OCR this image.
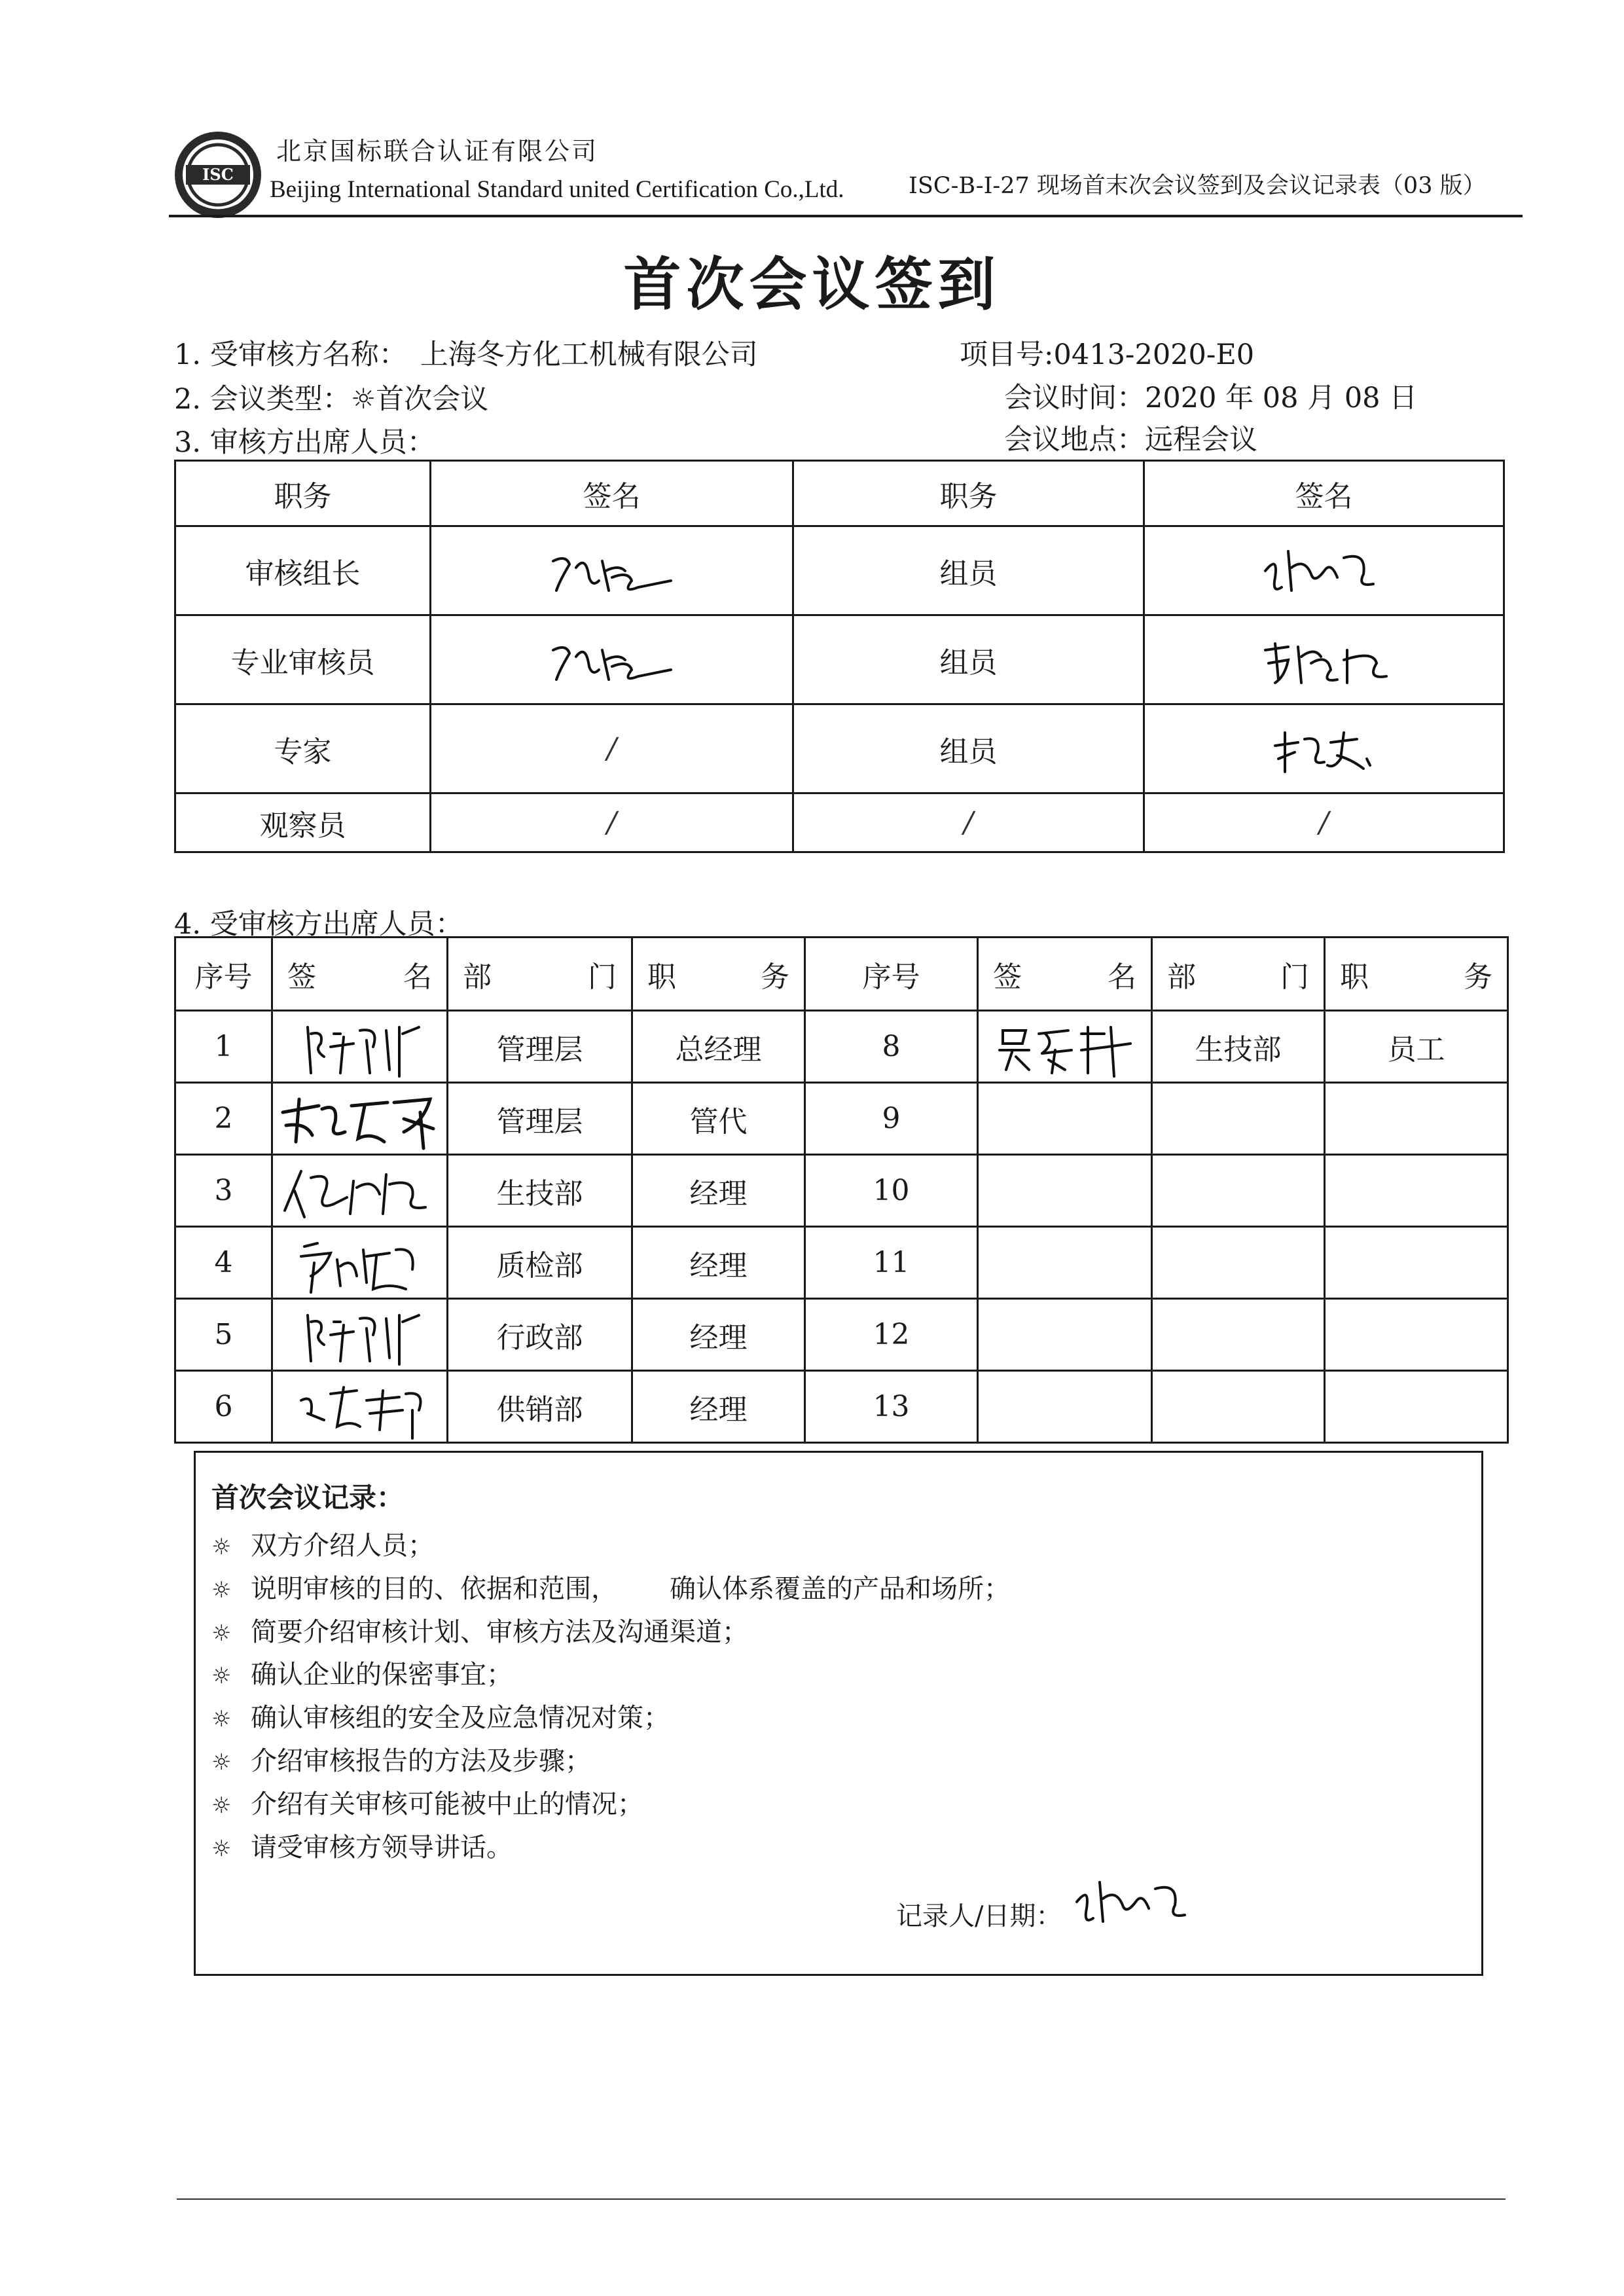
ISC
北京国标联合认证有限公司
Beijing International Standard united Certification Co.,Ltd.	ISC-B-I-27 现场首末次会议签到及会议记录表（03 版）
首次会议签到
1. 受审核方名称： 上海冬方化工机械有限公司	项目号:0413-2020-E0
2. 会议类型：☼首次会议	会议时间：2020 年 08 月 08 日
3. 审核方出席人员：	会议地点：远程会议
职务	签名	职务	签名
审核组长		组员	

专业审核员		组员	

专家	/	组员	

观察员	/	/	/
4. 受审核方出席人员：
序号	签 名	部 门	职 务	序号	签 名	部 门	职 务

1		管理层	总经理	8		生技部	员工
2		管理层	管代	9			
3		生技部	经理	10			
4		质检部	经理	11			
5		行政部	经理	12			
6		供销部	经理	13			
首次会议记录：
☼ 双方介绍人员；
☼ 说明审核的目的、依据和范围， 确认体系覆盖的产品和场所；
☼ 简要介绍审核计划、审核方法及沟通渠道；
☼ 确认企业的保密事宜；
☼ 确认审核组的安全及应急情况对策；
☼ 介绍审核报告的方法及步骤；
☼ 介绍有关审核可能被中止的情况；
☼ 请受审核方领导讲话。
记录人/日期：
